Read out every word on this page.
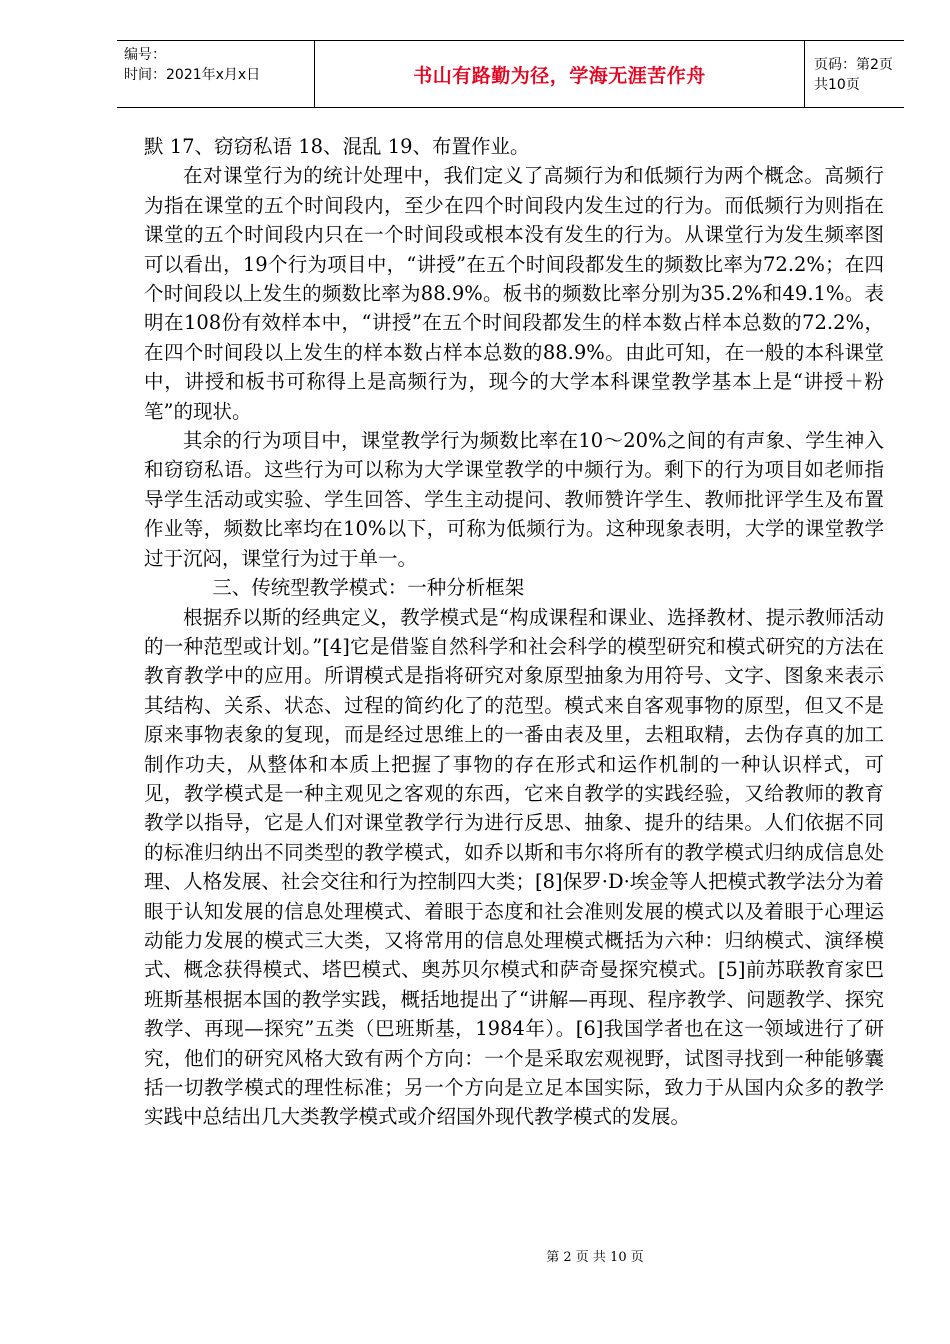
编号：
时间：2021年x月x日	书山有路勤为径，学海无涯苦作舟	页码：第2页 共10页

默 17、窃窃私语 18、混乱 19、布置作业。

在对课堂行为的统计处理中，我们定义了高频行为和低频行为两个概念。高频行为指在课堂的五个时间段内，至少在四个时间段内发生过的行为。而低频行为则指在课堂的五个时间段内只在一个时间段或根本没有发生的行为。从课堂行为发生频率图可以看出，19个行为项目中，“讲授”在五个时间段都发生的频数比率为72.2%；在四个时间段以上发生的频数比率为88.9%。板书的频数比率分别为35.2%和49.1%。表明在108份有效样本中，“讲授”在五个时间段都发生的样本数占样本总数的72.2%，在四个时间段以上发生的样本数占样本总数的88.9%。由此可知，在一般的本科课堂中，讲授和板书可称得上是高频行为，现今的大学本科课堂教学基本上是“讲授＋粉笔”的现状。

其余的行为项目中，课堂教学行为频数比率在10～20%之间的有声象、学生神入和窃窃私语。这些行为可以称为大学课堂教学的中频行为。剩下的行为项目如老师指导学生活动或实验、学生回答、学生主动提问、教师赞许学生、教师批评学生及布置作业等，频数比率均在10%以下，可称为低频行为。这种现象表明，大学的课堂教学过于沉闷，课堂行为过于单一。

三、传统型教学模式：一种分析框架

根据乔以斯的经典定义，教学模式是“构成课程和课业、选择教材、提示教师活动的一种范型或计划。”[4]它是借鉴自然科学和社会科学的模型研究和模式研究的方法在教育教学中的应用。所谓模式是指将研究对象原型抽象为用符号、文字、图象来表示其结构、关系、状态、过程的简约化了的范型。模式来自客观事物的原型，但又不是原来事物表象的复现，而是经过思维上的一番由表及里，去粗取精，去伪存真的加工制作功夫，从整体和本质上把握了事物的存在形式和运作机制的一种认识样式，可见，教学模式是一种主观见之客观的东西，它来自教学的实践经验，又给教师的教育教学以指导，它是人们对课堂教学行为进行反思、抽象、提升的结果。人们依据不同的标准归纳出不同类型的教学模式，如乔以斯和韦尔将所有的教学模式归纳成信息处理、人格发展、社会交往和行为控制四大类；[8]保罗·D·埃金等人把模式教学法分为着眼于认知发展的信息处理模式、着眼于态度和社会准则发展的模式以及着眼于心理运动能力发展的模式三大类，又将常用的信息处理模式概括为六种：归纳模式、演绎模式、概念获得模式、塔巴模式、奥苏贝尔模式和萨奇曼探究模式。[5]前苏联教育家巴班斯基根据本国的教学实践，概括地提出了“讲解—再现、程序教学、问题教学、探究教学、再现—探究”五类（巴班斯基，1984年）。[6]我国学者也在这一领域进行了研究，他们的研究风格大致有两个方向：一个是采取宏观视野，试图寻找到一种能够囊括一切教学模式的理性标准；另一个方向是立足本国实际，致力于从国内众多的教学实践中总结出几大类教学模式或介绍国外现代教学模式的发展。

第 2 页 共 10 页
